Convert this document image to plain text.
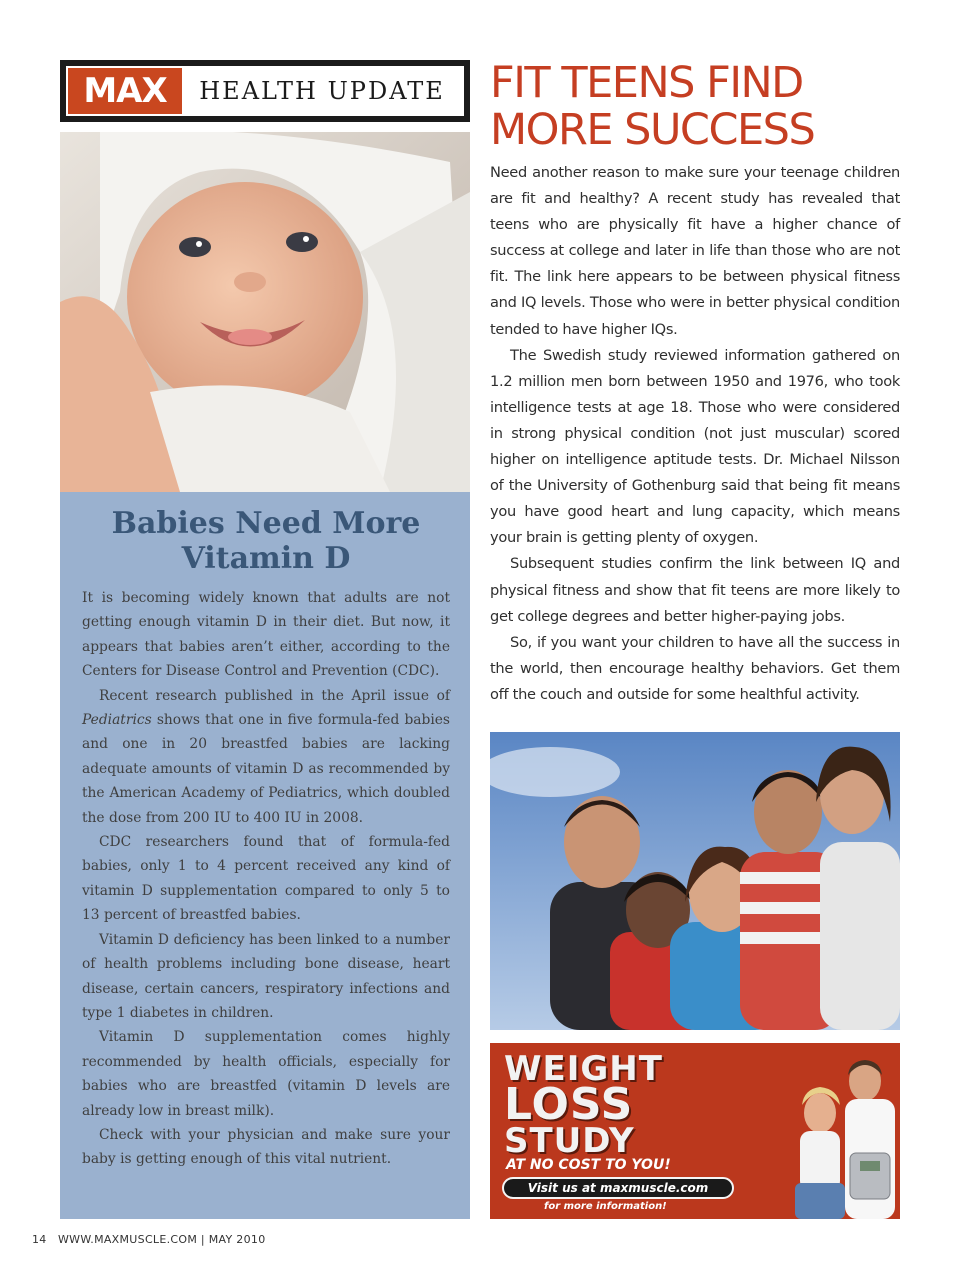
MAX	HEALTH UPDATE
Babies Need More
Vitamin D

It is becoming widely known that adults are not getting enough vitamin D in their diet. But now, it appears that babies aren’t either, according to the Centers for Disease Control and Prevention (CDC).

Recent research published in the April issue of Pediatrics shows that one in five formula-fed babies and one in 20 breastfed babies are lacking adequate amounts of vitamin D as recommended by the American Academy of Pediatrics, which doubled the dose from 200 IU to 400 IU in 2008.

CDC researchers found that of formula-fed babies, only 1 to 4 percent received any kind of vitamin D supplementation compared to only 5 to 13 percent of breastfed babies.

Vitamin D deficiency has been linked to a number of health problems including bone disease, heart disease, certain cancers, respiratory infections and type 1 diabetes in children.

Vitamin D supplementation comes highly recommended by health officials, especially for babies who are breastfed (vitamin D levels are already low in breast milk).

Check with your physician and make sure your baby is getting enough of this vital nutrient.

FIT TEENS FIND
MORE SUCCESS

Need another reason to make sure your teenage children are fit and healthy? A recent study has revealed that teens who are physically fit have a higher chance of success at college and later in life than those who are not fit. The link here appears to be between physical fitness and IQ levels. Those who were in better physical condition tended to have higher IQs.

The Swedish study reviewed information gathered on 1.2 million men born between 1950 and 1976, who took intelligence tests at age 18. Those who were considered in strong physical condition (not just muscular) scored higher on intelligence aptitude tests. Dr. Michael Nilsson of the University of Gothenburg said that being fit means you have good heart and lung capacity, which means your brain is getting plenty of oxygen.

Subsequent studies confirm the link between IQ and physical fitness and show that fit teens are more likely to get college degrees and better higher-paying jobs.

So, if you want your children to have all the success in the world, then encourage healthy behaviors. Get them off the couch and outside for some healthful activity.

WEIGHT
LOSS
STUDY
AT NO COST TO YOU!
Visit us at maxmuscle.com
for more information!
14 WWW.MAXMUSCLE.COM | MAY 2010
